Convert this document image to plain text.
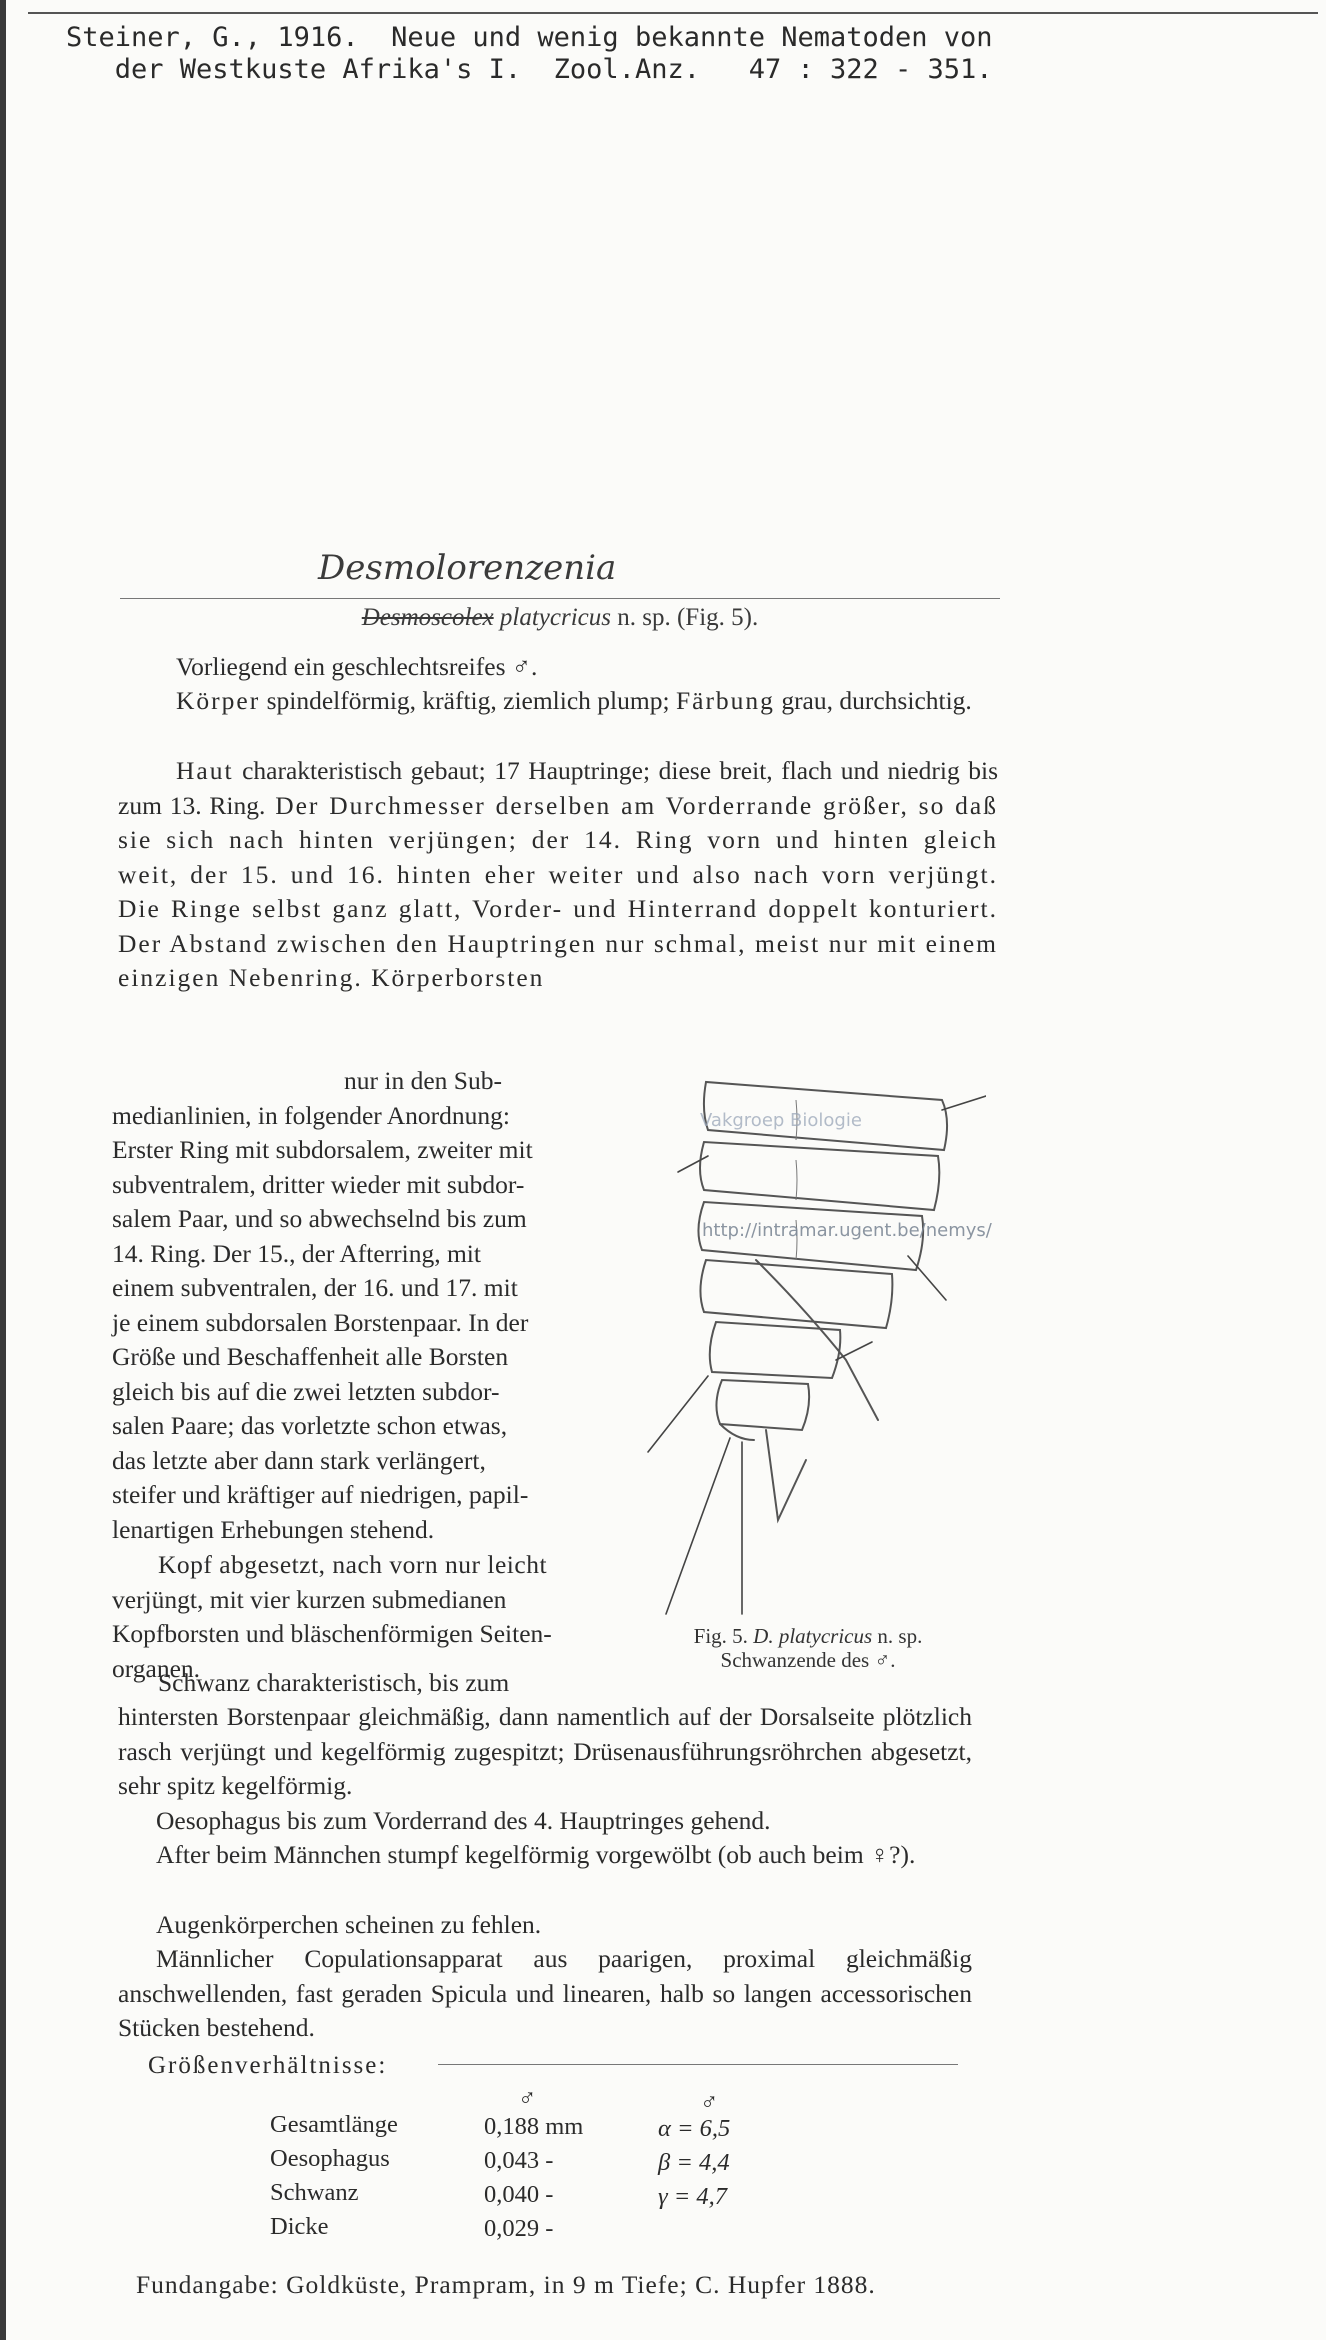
Steiner, G., 1916.  Neue und wenig bekannte Nematoden von
der Westkuste Afrika's I.  Zool.Anz.   47 : 322 - 351.
Desmolorenzenia
Desmoscolex platycricus n. sp. (Fig. 5).

Vorliegend ein geschlechtsreifes ♂.

Körper spindelförmig, kräftig, ziemlich plump; Färbung grau, durchsichtig.

Haut charakteristisch gebaut; 17 Hauptringe; diese breit, flach und niedrig bis zum 13. Ring. Der Durchmesser derselben am Vorderrande größer, so daß sie sich nach hinten verjüngen; der 14. Ring vorn und hinten gleich weit, der 15. und 16. hinten eher weiter und also nach vorn verjüngt. Die Ringe selbst ganz glatt, Vorder- und Hinterrand doppelt konturiert. Der Abstand zwischen den Hauptringen nur schmal, meist nur mit einem einzigen Nebenring. Körperborsten

nur in den Sub-
medianlinien, in folgender Anordnung:
Erster Ring mit subdorsalem, zweiter mit
subventralem, dritter wieder mit subdor-
salem Paar, und so abwechselnd bis zum
14. Ring. Der 15., der Afterring, mit
einem subventralen, der 16. und 17. mit
je einem subdorsalen Borstenpaar. In der
Größe und Beschaffenheit alle Borsten
gleich bis auf die zwei letzten subdor-
salen Paare; das vorletzte schon etwas,
das letzte aber dann stark verlängert,
steifer und kräftiger auf niedrigen, papil-
lenartigen Erhebungen stehend.
Kopf abgesetzt, nach vorn nur leicht
verjüngt, mit vier kurzen submedianen
Kopfborsten und bläschenförmigen Seiten-
organen.

Schwanz charakteristisch, bis zum

hintersten Borstenpaar gleichmäßig, dann namentlich auf der Dorsalseite plötzlich rasch verjüngt und kegelförmig zugespitzt; Drüsenausführungsröhrchen abgesetzt, sehr spitz kegelförmig.

Oesophagus bis zum Vorderrand des 4. Hauptringes gehend.

After beim Männchen stumpf kegelförmig vorgewölbt (ob auch beim ♀?).

Augenkörperchen scheinen zu fehlen.

Männlicher Copulationsapparat aus paarigen, proximal gleichmäßig anschwellenden, fast geraden Spicula und linearen, halb so langen accessorischen Stücken bestehend.

Vakgroep Biologie
http://intramar.ugent.be/nemys/
Fig. 5. D. platycricus n. sp.
Schwanzende des ♂.
Größenverhältnisse:
♂	♂
Gesamtlänge
Oesophagus
Schwanz
Dicke
0,188 mm
0,043 -
0,040 -
0,029 -
α = 6,5
β = 4,4
γ = 4,7

Fundangabe: Goldküste, Prampram, in 9 m Tiefe; C. Hupfer 1888.
